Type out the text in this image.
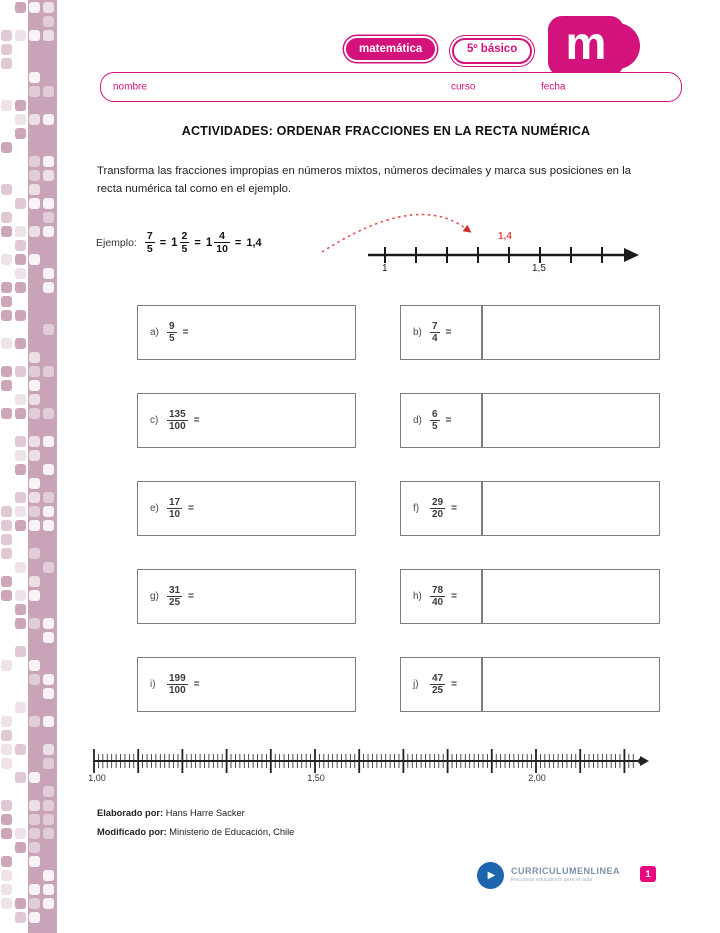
matemática	5º básico	m
nombre	curso	fecha
ACTIVIDADES: ORDENAR FRACCIONES EN LA RECTA NUMÉRICA
Transforma las fracciones impropias en números mixtos, números decimales y marca sus posiciones en la recta numérica tal como en el ejemplo.
Ejemplo: $\frac{7}{5} = 1 \frac{2}{5} = 1 \frac{4}{10} = 1,4$
1	1,5
1,4
$a) \frac{9}{5}$ =
$c) \frac{135}{100}$ =
$e) \frac{17}{10}$ =
$g) \frac{31}{25}$ =
i)	$\frac{199}{100}$ =
$b) \frac{7}{4}$ =
$d) \frac{6}{5}$ =
f)	$\frac{29}{20}$ =
$h) \frac{78}{40}$ =
j)	$\frac{47}{25}$ =
1,00	1,50	2,00
Elaborado por: Hans Harre Sacker
Modificado por: Ministerio de Educación, Chile
▶ CURRICULUMENLINEA
Recursos educativos para el aula
1
